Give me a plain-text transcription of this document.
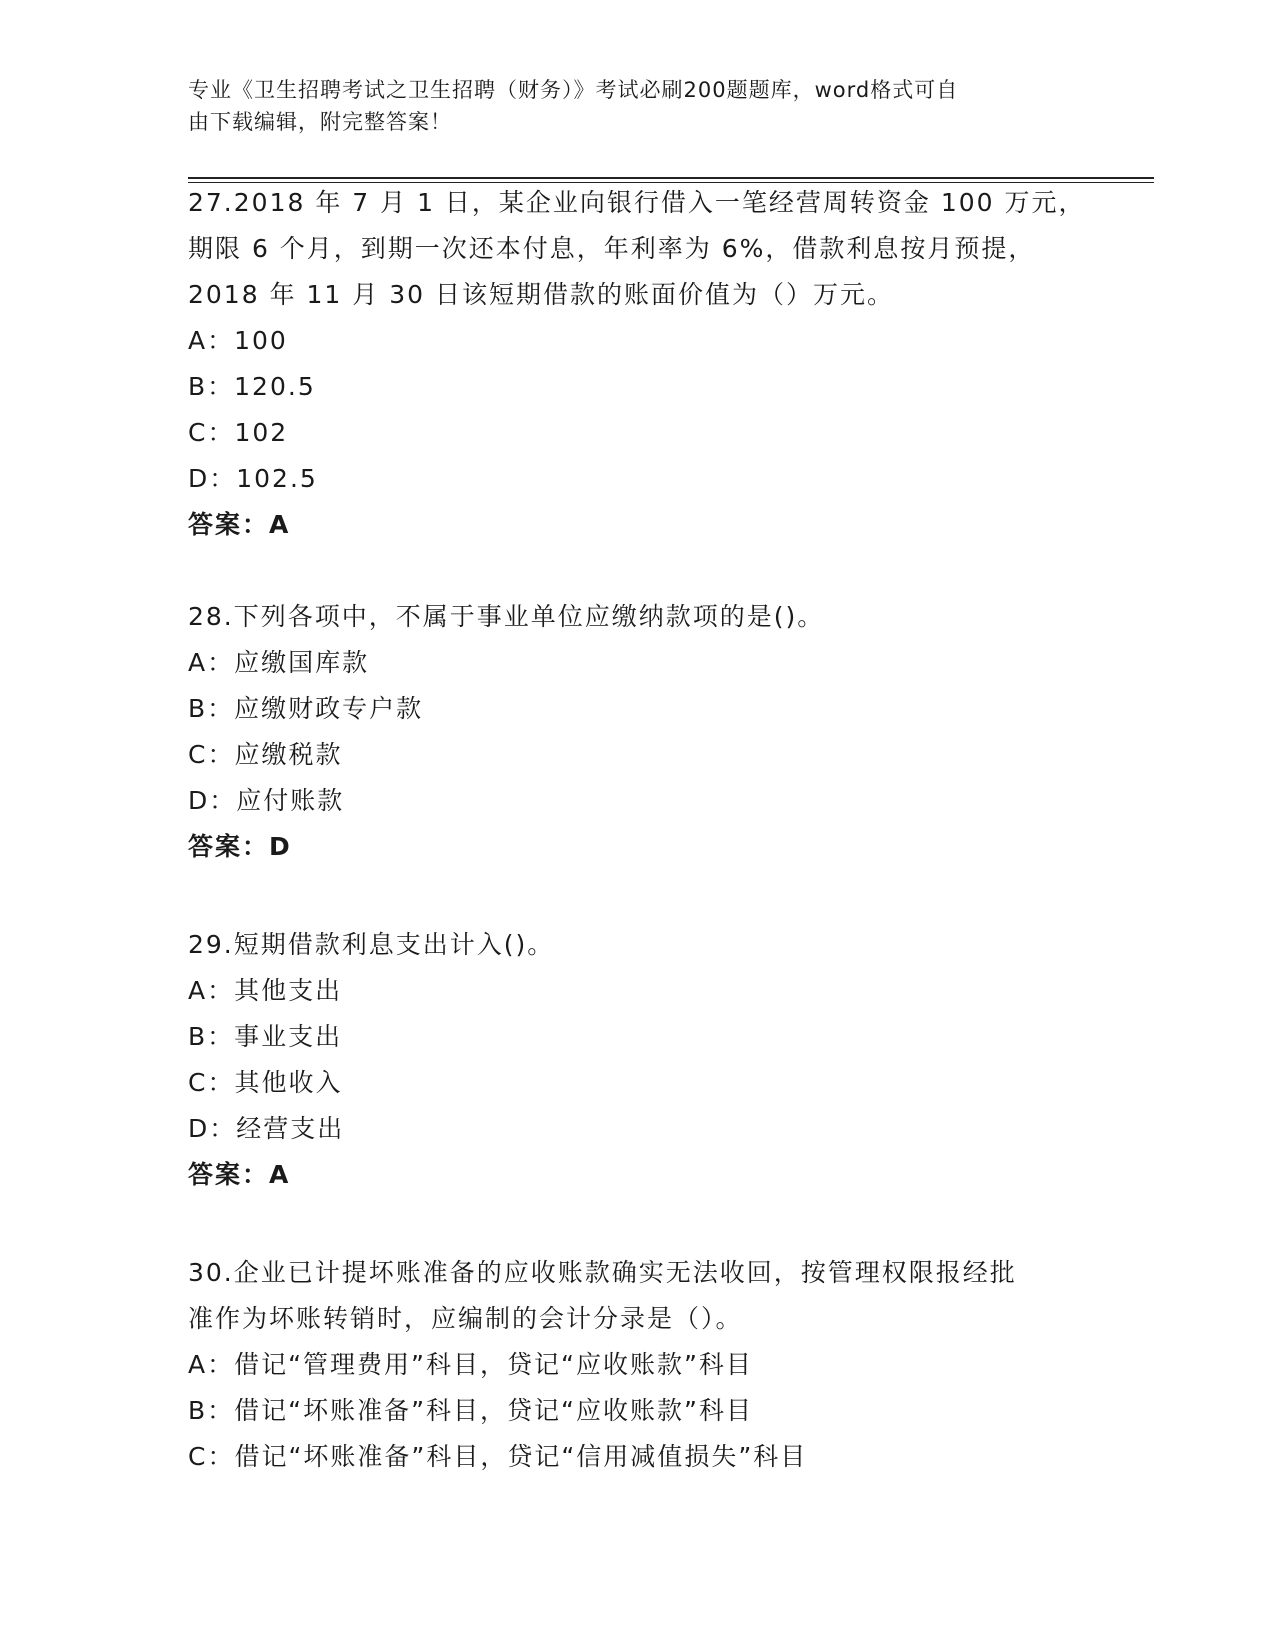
专业《卫生招聘考试之卫生招聘（财务）》考试必刷200题题库，word格式可自
由下载编辑，附完整答案！
27.2018 年 7 月 1 日，某企业向银行借入一笔经营周转资金 100 万元，
期限 6 个月，到期一次还本付息，年利率为 6%，借款利息按月预提，
2018 年 11 月 30 日该短期借款的账面价值为（）万元。
A：100
B：120.5
C：102
D：102.5
答案：A
28.下列各项中，不属于事业单位应缴纳款项的是()。
A：应缴国库款
B：应缴财政专户款
C：应缴税款
D：应付账款
答案：D
29.短期借款利息支出计入()。
A：其他支出
B：事业支出
C：其他收入
D：经营支出
答案：A
30.企业已计提坏账准备的应收账款确实无法收回，按管理权限报经批
准作为坏账转销时，应编制的会计分录是（）。
A：借记“管理费用”科目，贷记“应收账款”科目
B：借记“坏账准备”科目，贷记“应收账款”科目
C：借记“坏账准备”科目，贷记“信用减值损失”科目
